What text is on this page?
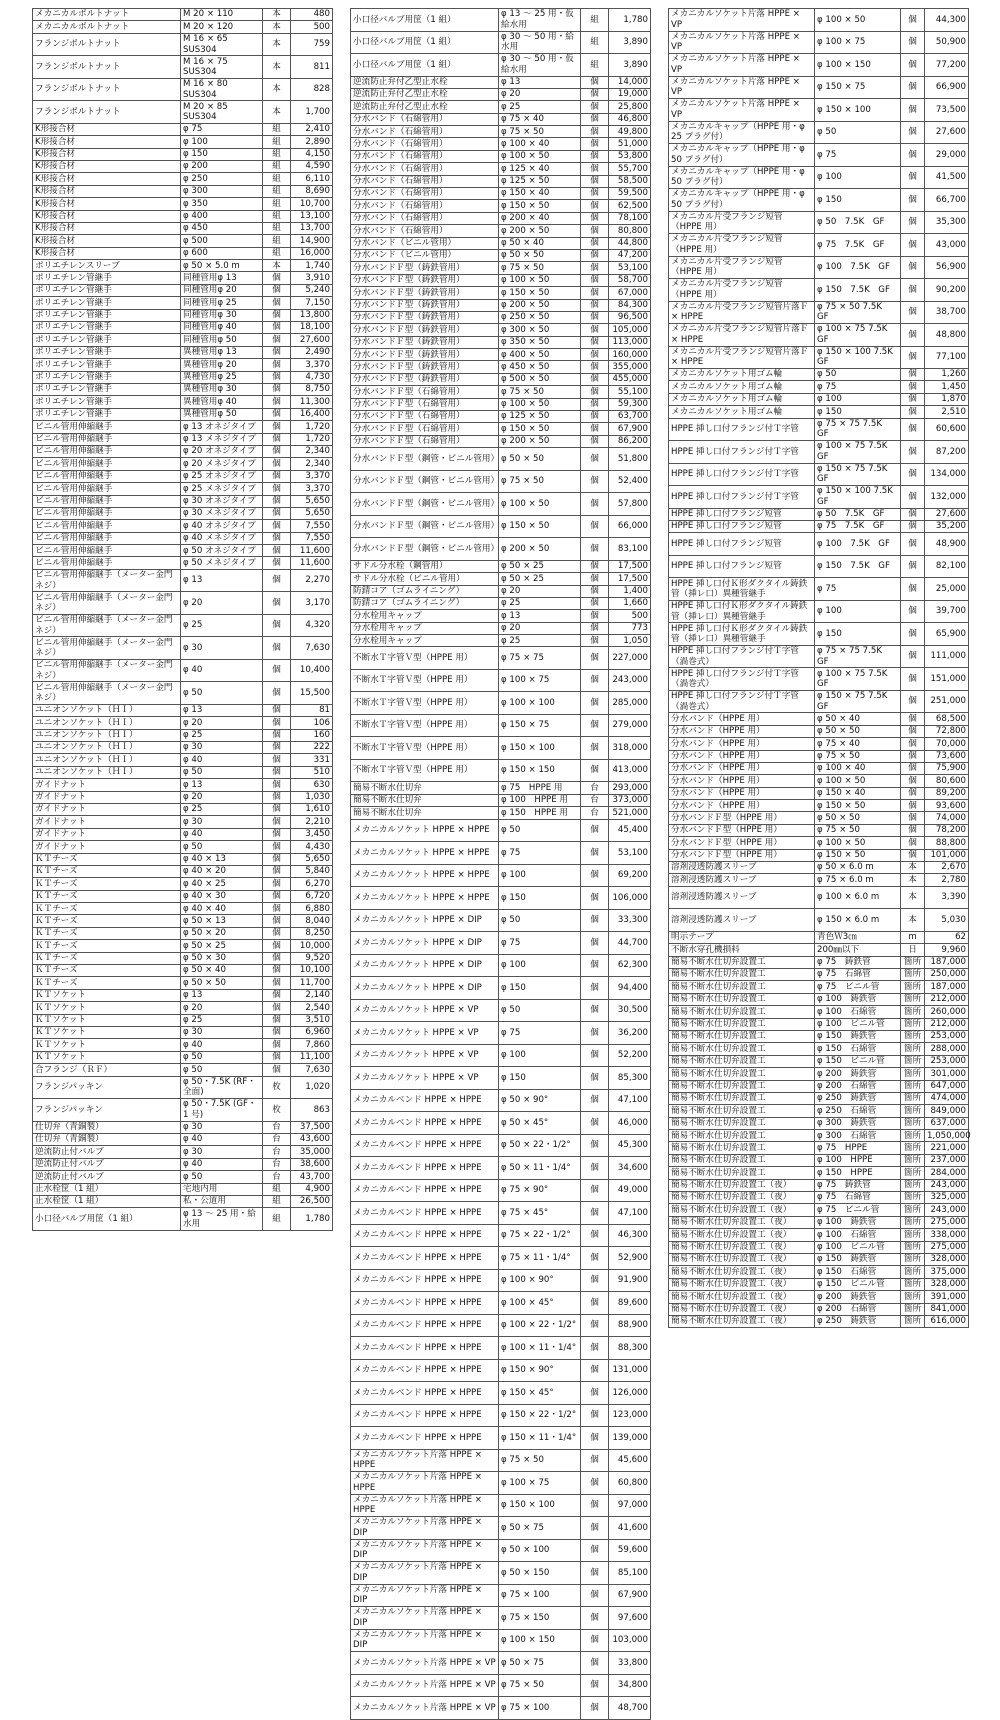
メカニカルボルトナット	M 20 × 110	本	480
メカニカルボルトナット	M 20 × 120	本	500
フランジボルトナット	M 16 × 65 SUS304	本	759
フランジボルトナット	M 16 × 75 SUS304	本	811
フランジボルトナット	M 16 × 80 SUS304	本	828
フランジボルトナット	M 20 × 85 SUS304	本	1,700
K形接合材	φ 75	組	2,410
K形接合材	φ 100	組	2,890
K形接合材	φ 150	組	4,150
K形接合材	φ 200	組	4,590
K形接合材	φ 250	組	6,110
K形接合材	φ 300	組	8,690
K形接合材	φ 350	組	10,700
K形接合材	φ 400	組	13,100
K形接合材	φ 450	組	13,700
K形接合材	φ 500	組	14,900
K形接合材	φ 600	組	16,000
ポリエチレンスリーブ	φ 50 × 5.0 m	本	1,740
ポリエチレン管継手	同種管用φ 13	個	3,910
ポリエチレン管継手	同種管用φ 20	個	5,240
ポリエチレン管継手	同種管用φ 25	個	7,150
ポリエチレン管継手	同種管用φ 30	個	13,800
ポリエチレン管継手	同種管用φ 40	個	18,100
ポリエチレン管継手	同種管用φ 50	個	27,600
ポリエチレン管継手	異種管用φ 13	個	2,490
ポリエチレン管継手	異種管用φ 20	個	3,370
ポリエチレン管継手	異種管用φ 25	個	4,730
ポリエチレン管継手	異種管用φ 30	個	8,750
ポリエチレン管継手	異種管用φ 40	個	11,300
ポリエチレン管継手	異種管用φ 50	個	16,400
ビニル管用伸縮継手	φ 13 オネジタイプ	個	1,720
ビニル管用伸縮継手	φ 13 メネジタイプ	個	1,720
ビニル管用伸縮継手	φ 20 オネジタイプ	個	2,340
ビニル管用伸縮継手	φ 20 メネジタイプ	個	2,340
ビニル管用伸縮継手	φ 25 オネジタイプ	個	3,370
ビニル管用伸縮継手	φ 25 メネジタイプ	個	3,370
ビニル管用伸縮継手	φ 30 オネジタイプ	個	5,650
ビニル管用伸縮継手	φ 30 メネジタイプ	個	5,650
ビニル管用伸縮継手	φ 40 オネジタイプ	個	7,550
ビニル管用伸縮継手	φ 40 メネジタイプ	個	7,550
ビニル管用伸縮継手	φ 50 オネジタイプ	個	11,600
ビニル管用伸縮継手	φ 50 メネジタイプ	個	11,600
ビニル管用伸縮継手（メーター金門ネジ）	φ 13	個	2,270
ビニル管用伸縮継手（メーター金門ネジ）	φ 20	個	3,170
ビニル管用伸縮継手（メーター金門ネジ）	φ 25	個	4,320
ビニル管用伸縮継手（メーター金門ネジ）	φ 30	個	7,630
ビニル管用伸縮継手（メーター金門ネジ）	φ 40	個	10,400
ビニル管用伸縮継手（メーター金門ネジ）	φ 50	個	15,500
ユニオンソケット（ＨＩ）	φ 13	個	81
ユニオンソケット（ＨＩ）	φ 20	個	106
ユニオンソケット（ＨＩ）	φ 25	個	160
ユニオンソケット（ＨＩ）	φ 30	個	222
ユニオンソケット（ＨＩ）	φ 40	個	331
ユニオンソケット（ＨＩ）	φ 50	個	510
ガイドナット	φ 13	個	630
ガイドナット	φ 20	個	1,030
ガイドナット	φ 25	個	1,610
ガイドナット	φ 30	個	2,210
ガイドナット	φ 40	個	3,450
ガイドナット	φ 50	個	4,430
ＫＴチーズ	φ 40 × 13	個	5,650
ＫＴチーズ	φ 40 × 20	個	5,840
ＫＴチーズ	φ 40 × 25	個	6,270
ＫＴチーズ	φ 40 × 30	個	6,720
ＫＴチーズ	φ 40 × 40	個	6,880
ＫＴチーズ	φ 50 × 13	個	8,040
ＫＴチーズ	φ 50 × 20	個	8,250
ＫＴチーズ	φ 50 × 25	個	10,000
ＫＴチーズ	φ 50 × 30	個	9,520
ＫＴチーズ	φ 50 × 40	個	10,100
ＫＴチーズ	φ 50 × 50	個	11,700
ＫＴソケット	φ 13	個	2,140
ＫＴソケット	φ 20	個	2,540
ＫＴソケット	φ 25	個	3,510
ＫＴソケット	φ 30	個	6,960
ＫＴソケット	φ 40	個	7,860
ＫＴソケット	φ 50	個	11,100
合フランジ（ＲＦ）	φ 50	個	7,630
フランジパッキン	φ 50・7.5K (RF・全面)	枚	1,020
フランジパッキン	φ 50・7.5K (GF・1 号)	枚	863
仕切弁（青銅製）	φ 30	台	37,500
仕切弁（青銅製）	φ 40	台	43,600
逆流防止付バルブ	φ 30	台	35,000
逆流防止付バルブ	φ 40	台	38,600
逆流防止付バルブ	φ 50	台	43,700
止水栓筐（1 組）	宅地内用	組	4,900
止水栓筐（1 組）	私・公道用	組	26,500
小口径バルブ用筐（1 組）	φ 13 ～ 25 用・給水用	組	1,780
小口径バルブ用筐（1 組）	φ 13 ～ 25 用・仮給水用	組	1,780
小口径バルブ用筐（1 組）	φ 30 ～ 50 用・給水用	組	3,890
小口径バルブ用筐（1 組）	φ 30 ～ 50 用・仮給水用	組	3,890
逆流防止弁付乙型止水栓	φ 13	個	14,000
逆流防止弁付乙型止水栓	φ 20	個	19,000
逆流防止弁付乙型止水栓	φ 25	個	25,800
分水バンド（石綿管用）	φ 75 × 40	個	46,800
分水バンド（石綿管用）	φ 75 × 50	個	49,800
分水バンド（石綿管用）	φ 100 × 40	個	51,000
分水バンド（石綿管用）	φ 100 × 50	個	53,800
分水バンド（石綿管用）	φ 125 × 40	個	55,700
分水バンド（石綿管用）	φ 125 × 50	個	58,500
分水バンド（石綿管用）	φ 150 × 40	個	59,500
分水バンド（石綿管用）	φ 150 × 50	個	62,500
分水バンド（石綿管用）	φ 200 × 40	個	78,100
分水バンド（石綿管用）	φ 200 × 50	個	80,800
分水バンド（ビニル管用）	φ 50 × 40	個	44,800
分水バンド（ビニル管用）	φ 50 × 50	個	47,200
分水バンドＦ型（鋳鉄管用）	φ 75 × 50	個	53,100
分水バンドＦ型（鋳鉄管用）	φ 100 × 50	個	58,700
分水バンドＦ型（鋳鉄管用）	φ 150 × 50	個	67,000
分水バンドＦ型（鋳鉄管用）	φ 200 × 50	個	84,300
分水バンドＦ型（鋳鉄管用）	φ 250 × 50	個	96,500
分水バンドＦ型（鋳鉄管用）	φ 300 × 50	個	105,000
分水バンドＦ型（鋳鉄管用）	φ 350 × 50	個	113,000
分水バンドＦ型（鋳鉄管用）	φ 400 × 50	個	160,000
分水バンドＦ型（鋳鉄管用）	φ 450 × 50	個	355,000
分水バンドＦ型（鋳鉄管用）	φ 500 × 50	個	455,000
分水バンドＦ型（石綿管用）	φ 75 × 50	個	55,100
分水バンドＦ型（石綿管用）	φ 100 × 50	個	59,300
分水バンドＦ型（石綿管用）	φ 125 × 50	個	63,700
分水バンドＦ型（石綿管用）	φ 150 × 50	個	67,900
分水バンドＦ型（石綿管用）	φ 200 × 50	個	86,200
分水バンドＦ型（鋼管・ビニル管用）	φ 50 × 50	個	51,800
分水バンドＦ型（鋼管・ビニル管用）	φ 75 × 50	個	52,400
分水バンドＦ型（鋼管・ビニル管用）	φ 100 × 50	個	57,800
分水バンドＦ型（鋼管・ビニル管用）	φ 150 × 50	個	66,000
分水バンドＦ型（鋼管・ビニル管用）	φ 200 × 50	個	83,100
サドル分水栓（鋼管用）	φ 50 × 25	個	17,500
サドル分水栓（ビニル管用）	φ 50 × 25	個	17,500
防錆コア（ゴムライニング）	φ 20	個	1,400
防錆コア（ゴムライニング）	φ 25	個	1,660
分水栓用キャップ	φ 13	個	500
分水栓用キャップ	φ 20	個	773
分水栓用キャップ	φ 25	個	1,050
不断水Ｔ字管Ｖ型（HPPE 用）	φ 75 × 75	個	227,000
不断水Ｔ字管Ｖ型（HPPE 用）	φ 100 × 75	個	243,000
不断水Ｔ字管Ｖ型（HPPE 用）	φ 100 × 100	個	285,000
不断水Ｔ字管Ｖ型（HPPE 用）	φ 150 × 75	個	279,000
不断水Ｔ字管Ｖ型（HPPE 用）	φ 150 × 100	個	318,000
不断水Ｔ字管Ｖ型（HPPE 用）	φ 150 × 150	個	413,000
簡易不断水仕切弁	φ 75　HPPE 用	台	293,000
簡易不断水仕切弁	φ 100　HPPE 用	台	373,000
簡易不断水仕切弁	φ 150　HPPE 用	台	521,000
メカニカルソケット HPPE × HPPE	φ 50	個	45,400
メカニカルソケット HPPE × HPPE	φ 75	個	53,100
メカニカルソケット HPPE × HPPE	φ 100	個	69,200
メカニカルソケット HPPE × HPPE	φ 150	個	106,000
メカニカルソケット HPPE × DIP	φ 50	個	33,300
メカニカルソケット HPPE × DIP	φ 75	個	44,700
メカニカルソケット HPPE × DIP	φ 100	個	62,300
メカニカルソケット HPPE × DIP	φ 150	個	94,400
メカニカルソケット HPPE × VP	φ 50	個	30,500
メカニカルソケット HPPE × VP	φ 75	個	36,200
メカニカルソケット HPPE × VP	φ 100	個	52,200
メカニカルソケット HPPE × VP	φ 150	個	85,300
メカニカルベンド HPPE × HPPE	φ 50 × 90°	個	47,100
メカニカルベンド HPPE × HPPE	φ 50 × 45°	個	46,000
メカニカルベンド HPPE × HPPE	φ 50 × 22・1/2°	個	45,300
メカニカルベンド HPPE × HPPE	φ 50 × 11・1/4°	個	34,600
メカニカルベンド HPPE × HPPE	φ 75 × 90°	個	49,000
メカニカルベンド HPPE × HPPE	φ 75 × 45°	個	47,100
メカニカルベンド HPPE × HPPE	φ 75 × 22・1/2°	個	46,300
メカニカルベンド HPPE × HPPE	φ 75 × 11・1/4°	個	52,900
メカニカルベンド HPPE × HPPE	φ 100 × 90°	個	91,900
メカニカルベンド HPPE × HPPE	φ 100 × 45°	個	89,600
メカニカルベンド HPPE × HPPE	φ 100 × 22・1/2°	個	88,900
メカニカルベンド HPPE × HPPE	φ 100 × 11・1/4°	個	88,300
メカニカルベンド HPPE × HPPE	φ 150 × 90°	個	131,000
メカニカルベンド HPPE × HPPE	φ 150 × 45°	個	126,000
メカニカルベンド HPPE × HPPE	φ 150 × 22・1/2°	個	123,000
メカニカルベンド HPPE × HPPE	φ 150 × 11・1/4°	個	139,000
メカニカルソケット片落 HPPE × HPPE	φ 75 × 50	個	45,600
メカニカルソケット片落 HPPE × HPPE	φ 100 × 75	個	60,800
メカニカルソケット片落 HPPE × HPPE	φ 150 × 100	個	97,000
メカニカルソケット片落 HPPE × DIP	φ 50 × 75	個	41,600
メカニカルソケット片落 HPPE × DIP	φ 50 × 100	個	59,600
メカニカルソケット片落 HPPE × DIP	φ 50 × 150	個	85,100
メカニカルソケット片落 HPPE × DIP	φ 75 × 100	個	67,900
メカニカルソケット片落 HPPE × DIP	φ 75 × 150	個	97,600
メカニカルソケット片落 HPPE × DIP	φ 100 × 150	個	103,000
メカニカルソケット片落 HPPE × VP	φ 50 × 75	個	33,800
メカニカルソケット片落 HPPE × VP	φ 75 × 50	個	34,800
メカニカルソケット片落 HPPE × VP	φ 75 × 100	個	48,700
メカニカルソケット片落 HPPE × VP	φ 100 × 50	個	44,300
メカニカルソケット片落 HPPE × VP	φ 100 × 75	個	50,900
メカニカルソケット片落 HPPE × VP	φ 100 × 150	個	77,200
メカニカルソケット片落 HPPE × VP	φ 150 × 75	個	66,900
メカニカルソケット片落 HPPE × VP	φ 150 × 100	個	73,500
メカニカルキャップ（HPPE 用・φ 25 プラグ付）	φ 50	個	27,600
メカニカルキャップ（HPPE 用・φ 50 プラグ付）	φ 75	個	29,000
メカニカルキャップ（HPPE 用・φ 50 プラグ付）	φ 100	個	41,500
メカニカルキャップ（HPPE 用・φ 50 プラグ付）	φ 150	個	66,700
メカニカル片受フランジ短管（HPPE 用）	φ 50　7.5K　GF	個	35,300
メカニカル片受フランジ短管（HPPE 用）	φ 75　7.5K　GF	個	43,000
メカニカル片受フランジ短管（HPPE 用）	φ 100　7.5K　GF	個	56,900
メカニカル片受フランジ短管（HPPE 用）	φ 150　7.5K　GF	個	90,200
メカニカル片受フランジ短管片落Ｆ × HPPE	φ 75 × 50 7.5K　GF	個	38,700
メカニカル片受フランジ短管片落Ｆ × HPPE	φ 100 × 75 7.5K　GF	個	48,800
メカニカル片受フランジ短管片落Ｆ × HPPE	φ 150 × 100 7.5K　GF	個	77,100
メカニカルソケット用ゴム輪	φ 50	個	1,260
メカニカルソケット用ゴム輪	φ 75	個	1,450
メカニカルソケット用ゴム輪	φ 100	個	1,870
メカニカルソケット用ゴム輪	φ 150	個	2,510
HPPE 挿し口付フランジ付Ｔ字管	φ 75 × 75 7.5K　GF	個	60,600
HPPE 挿し口付フランジ付Ｔ字管	φ 100 × 75 7.5K　GF	個	87,200
HPPE 挿し口付フランジ付Ｔ字管	φ 150 × 75 7.5K　GF	個	134,000
HPPE 挿し口付フランジ付Ｔ字管	φ 150 × 100 7.5K　GF	個	132,000
HPPE 挿し口付フランジ短管	φ 50　7.5K　GF	個	27,600
HPPE 挿し口付フランジ短管	φ 75　7.5K　GF	個	35,200
HPPE 挿し口付フランジ短管	φ 100　7.5K　GF	個	48,900
HPPE 挿し口付フランジ短管	φ 150　7.5K　GF	個	82,100
HPPE 挿し口付Ｋ形ダクタイル鋳鉄管（挿レ口）異種管継手	φ 75	個	25,000
HPPE 挿し口付Ｋ形ダクタイル鋳鉄管（挿レ口）異種管継手	φ 100	個	39,700
HPPE 挿し口付Ｋ形ダクタイル鋳鉄管（挿レ口）異種管継手	φ 150	個	65,900
HPPE 挿し口付フランジ付Ｔ字管（渦巻式）	φ 75 × 75 7.5K　GF	個	111,000
HPPE 挿し口付フランジ付Ｔ字管（渦巻式）	φ 100 × 75 7.5K　GF	個	151,000
HPPE 挿し口付フランジ付Ｔ字管（渦巻式）	φ 150 × 75 7.5K　GF	個	251,000
分水バンド（HPPE 用）	φ 50 × 40	個	68,500
分水バンド（HPPE 用）	φ 50 × 50	個	72,800
分水バンド（HPPE 用）	φ 75 × 40	個	70,000
分水バンド（HPPE 用）	φ 75 × 50	個	73,600
分水バンド（HPPE 用）	φ 100 × 40	個	75,900
分水バンド（HPPE 用）	φ 100 × 50	個	80,600
分水バンド（HPPE 用）	φ 150 × 40	個	89,200
分水バンド（HPPE 用）	φ 150 × 50	個	93,600
分水バンドＦ型（HPPE 用）	φ 50 × 50	個	74,000
分水バンドＦ型（HPPE 用）	φ 75 × 50	個	78,200
分水バンドＦ型（HPPE 用）	φ 100 × 50	個	88,800
分水バンドＦ型（HPPE 用）	φ 150 × 50	個	101,000
溶剤浸透防護スリーブ	φ 50 × 6.0 m	本	2,670
溶剤浸透防護スリーブ	φ 75 × 6.0 m	本	2,780
溶剤浸透防護スリーブ	φ 100 × 6.0 m	本	3,390
溶剤浸透防護スリーブ	φ 150 × 6.0 m	本	5,030
明示テープ	青色Ｗ3㎝	m	62
不断水穿孔機損料	200㎜以下	日	9,960
簡易不断水仕切弁設置工	φ 75　鋳鉄管	箇所	187,000
簡易不断水仕切弁設置工	φ 75　石綿管	箇所	250,000
簡易不断水仕切弁設置工	φ 75　ビニル管	箇所	187,000
簡易不断水仕切弁設置工	φ 100　鋳鉄管	箇所	212,000
簡易不断水仕切弁設置工	φ 100　石綿管	箇所	260,000
簡易不断水仕切弁設置工	φ 100　ビニル管	箇所	212,000
簡易不断水仕切弁設置工	φ 150　鋳鉄管	箇所	253,000
簡易不断水仕切弁設置工	φ 150　石綿管	箇所	288,000
簡易不断水仕切弁設置工	φ 150　ビニル管	箇所	253,000
簡易不断水仕切弁設置工	φ 200　鋳鉄管	箇所	301,000
簡易不断水仕切弁設置工	φ 200　石綿管	箇所	647,000
簡易不断水仕切弁設置工	φ 250　鋳鉄管	箇所	474,000
簡易不断水仕切弁設置工	φ 250　石綿管	箇所	849,000
簡易不断水仕切弁設置工	φ 300　鋳鉄管	箇所	637,000
簡易不断水仕切弁設置工	φ 300　石綿管	箇所	1,050,000
簡易不断水仕切弁設置工	φ 75　HPPE	箇所	221,000
簡易不断水仕切弁設置工	φ 100　HPPE	箇所	237,000
簡易不断水仕切弁設置工	φ 150　HPPE	箇所	284,000
簡易不断水仕切弁設置工（夜）	φ 75　鋳鉄管	箇所	243,000
簡易不断水仕切弁設置工（夜）	φ 75　石綿管	箇所	325,000
簡易不断水仕切弁設置工（夜）	φ 75　ビニル管	箇所	243,000
簡易不断水仕切弁設置工（夜）	φ 100　鋳鉄管	箇所	275,000
簡易不断水仕切弁設置工（夜）	φ 100　石綿管	箇所	338,000
簡易不断水仕切弁設置工（夜）	φ 100　ビニル管	箇所	275,000
簡易不断水仕切弁設置工（夜）	φ 150　鋳鉄管	箇所	328,000
簡易不断水仕切弁設置工（夜）	φ 150　石綿管	箇所	375,000
簡易不断水仕切弁設置工（夜）	φ 150　ビニル管	箇所	328,000
簡易不断水仕切弁設置工（夜）	φ 200　鋳鉄管	箇所	391,000
簡易不断水仕切弁設置工（夜）	φ 200　石綿管	箇所	841,000
簡易不断水仕切弁設置工（夜）	φ 250　鋳鉄管	箇所	616,000
